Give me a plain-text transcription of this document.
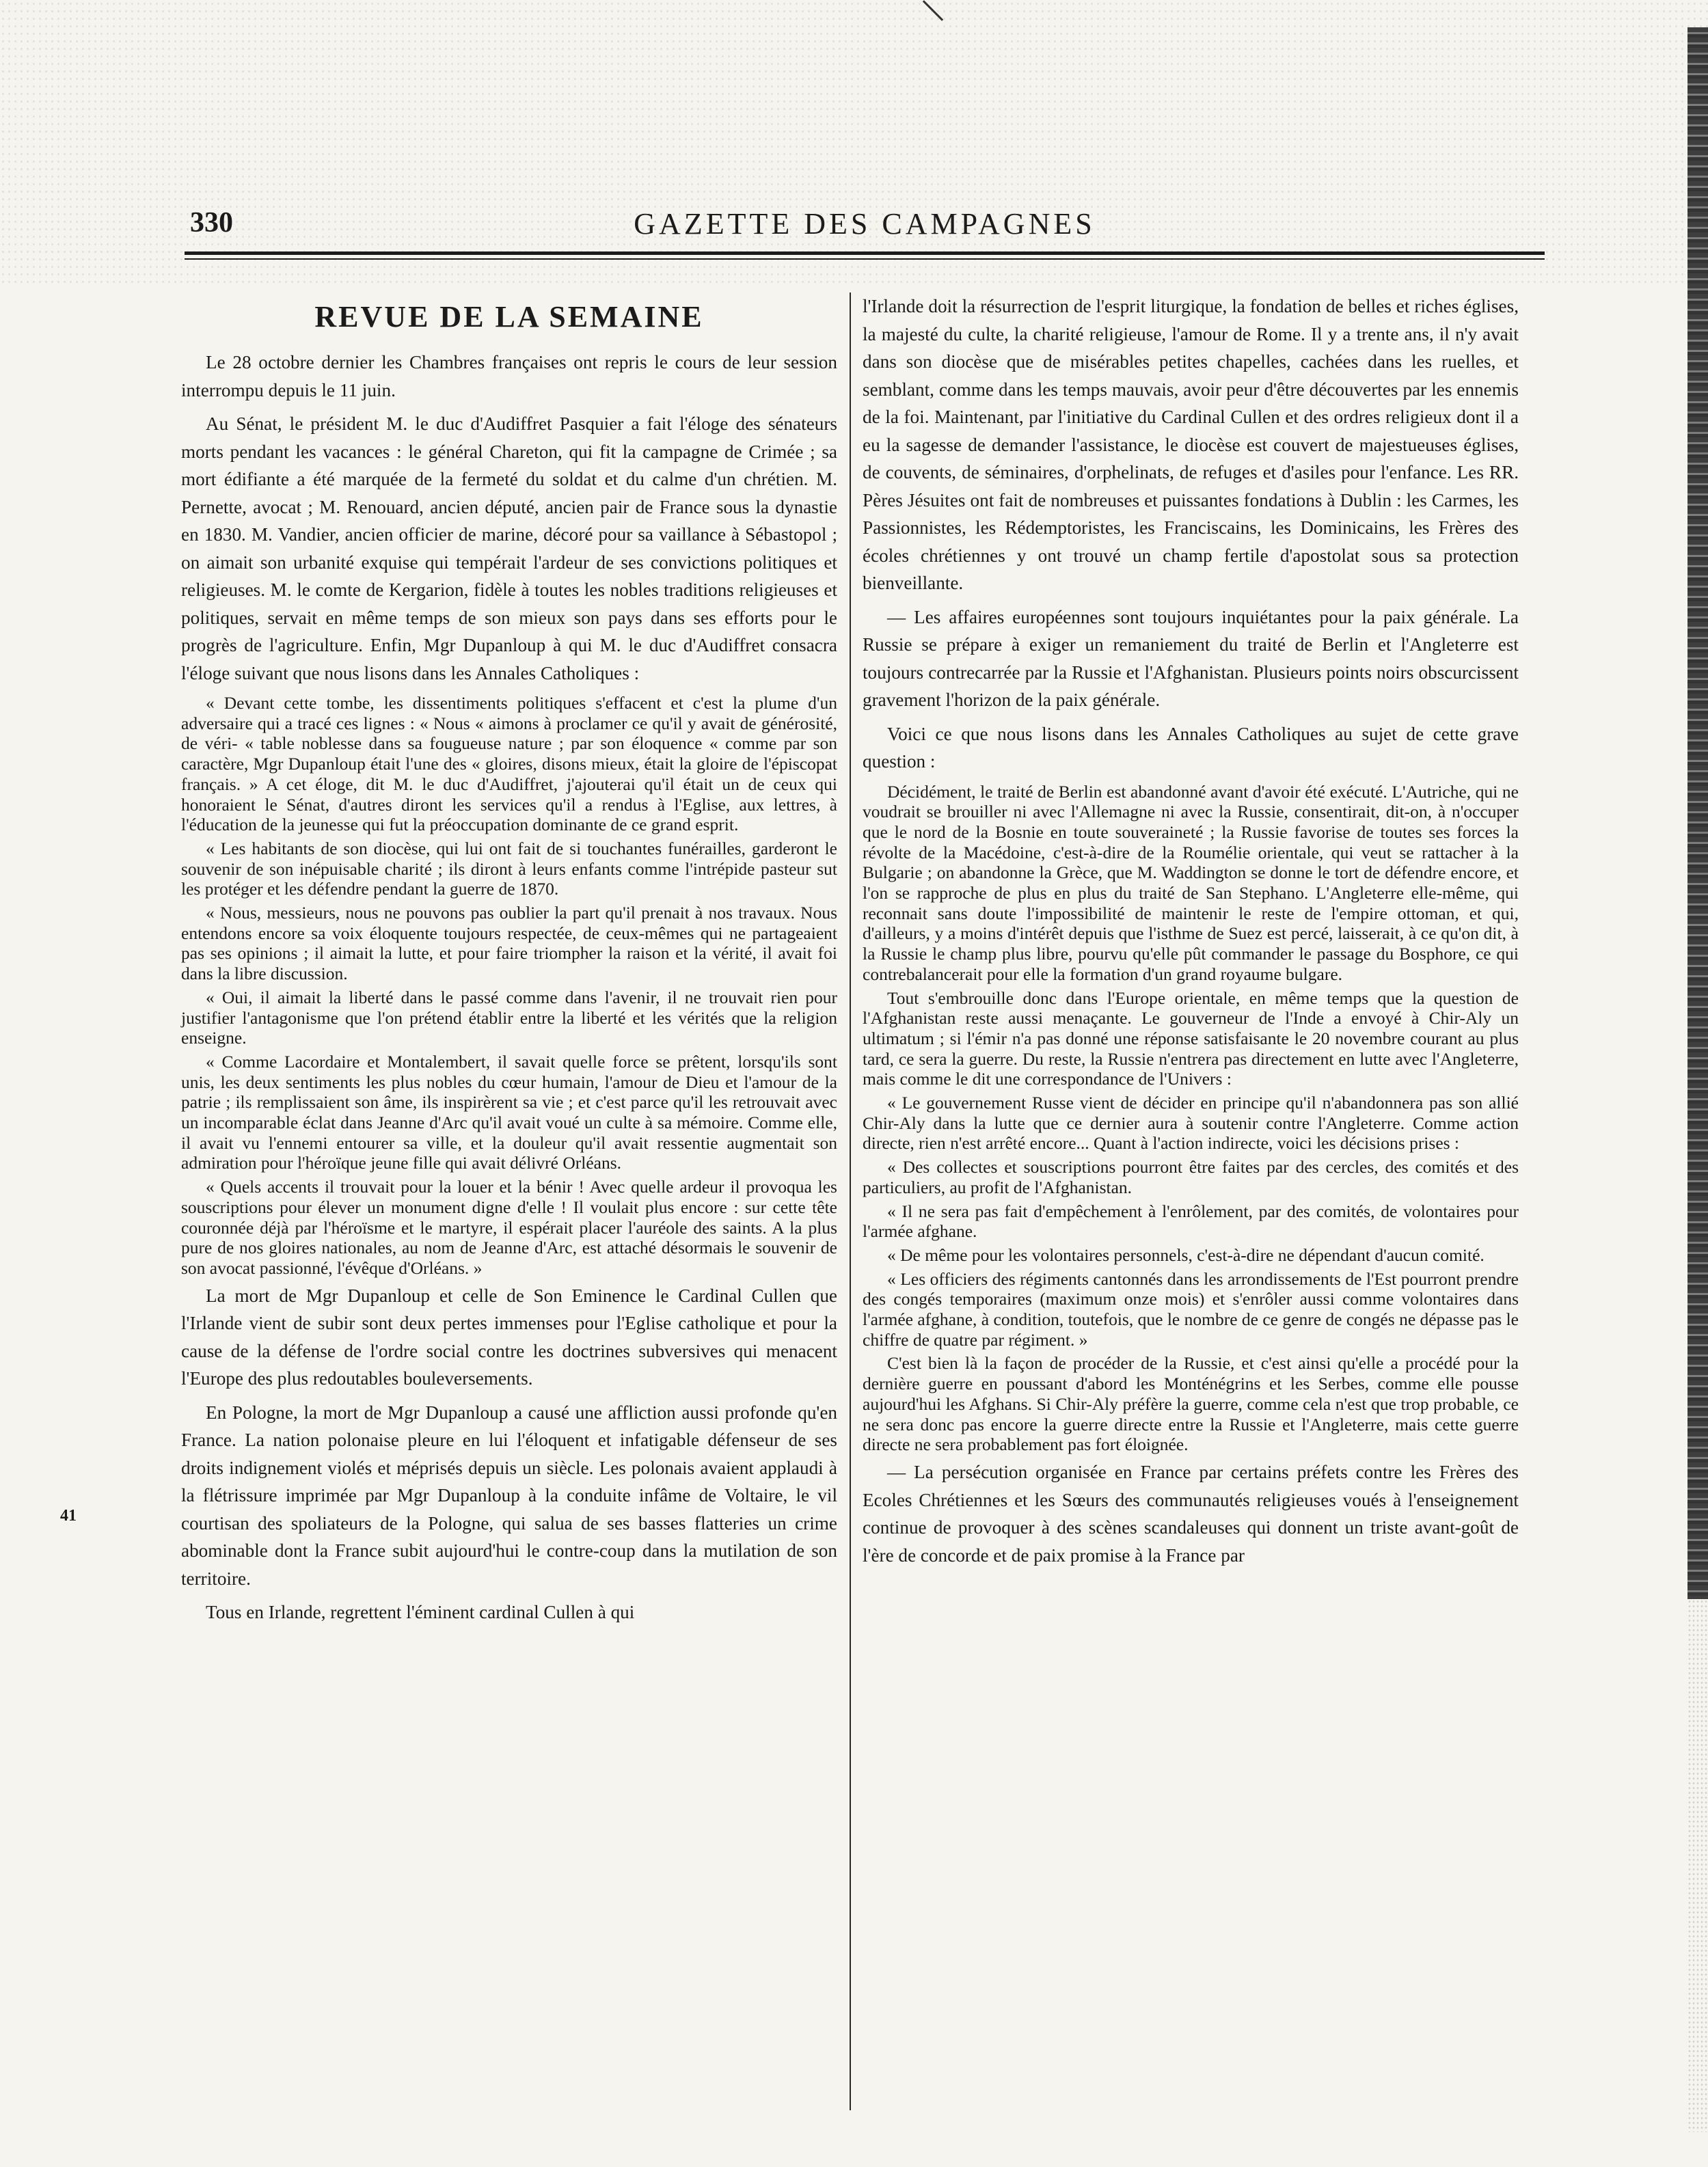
330	GAZETTE DES CAMPAGNES
REVUE DE LA SEMAINE

Le 28 octobre dernier les Chambres françaises ont repris le cours de leur session interrompu depuis le 11 juin.

Au Sénat, le président M. le duc d'Audiffret Pasquier a fait l'éloge des sénateurs morts pendant les vacances : le général Chareton, qui fit la campagne de Crimée ; sa mort édifiante a été marquée de la fermeté du soldat et du calme d'un chrétien. M. Pernette, avocat ; M. Renouard, ancien député, ancien pair de France sous la dynastie en 1830. M. Vandier, ancien officier de marine, décoré pour sa vaillance à Sébastopol ; on aimait son urbanité exquise qui tempérait l'ardeur de ses convictions politiques et religieuses. M. le comte de Kergarion, fidèle à toutes les nobles traditions religieuses et politiques, servait en même temps de son mieux son pays dans ses efforts pour le progrès de l'agriculture. Enfin, Mgr Dupanloup à qui M. le duc d'Audiffret consacra l'éloge suivant que nous lisons dans les Annales Catholiques :

« Devant cette tombe, les dissentiments politiques s'effacent et c'est la plume d'un adversaire qui a tracé ces lignes : « Nous « aimons à proclamer ce qu'il y avait de générosité, de véri- « table noblesse dans sa fougueuse nature ; par son éloquence « comme par son caractère, Mgr Dupanloup était l'une des « gloires, disons mieux, était la gloire de l'épiscopat français. » A cet éloge, dit M. le duc d'Audiffret, j'ajouterai qu'il était un de ceux qui honoraient le Sénat, d'autres diront les services qu'il a rendus à l'Eglise, aux lettres, à l'éducation de la jeunesse qui fut la préoccupation dominante de ce grand esprit.

« Les habitants de son diocèse, qui lui ont fait de si touchantes funérailles, garderont le souvenir de son inépuisable charité ; ils diront à leurs enfants comme l'intrépide pasteur sut les protéger et les défendre pendant la guerre de 1870.

« Nous, messieurs, nous ne pouvons pas oublier la part qu'il prenait à nos travaux. Nous entendons encore sa voix éloquente toujours respectée, de ceux-mêmes qui ne partageaient pas ses opinions ; il aimait la lutte, et pour faire triompher la raison et la vérité, il avait foi dans la libre discussion.

« Oui, il aimait la liberté dans le passé comme dans l'avenir, il ne trouvait rien pour justifier l'antagonisme que l'on prétend établir entre la liberté et les vérités que la religion enseigne.

« Comme Lacordaire et Montalembert, il savait quelle force se prêtent, lorsqu'ils sont unis, les deux sentiments les plus nobles du cœur humain, l'amour de Dieu et l'amour de la patrie ; ils remplissaient son âme, ils inspirèrent sa vie ; et c'est parce qu'il les retrouvait avec un incomparable éclat dans Jeanne d'Arc qu'il avait voué un culte à sa mémoire. Comme elle, il avait vu l'ennemi entourer sa ville, et la douleur qu'il avait ressentie augmentait son admiration pour l'héroïque jeune fille qui avait délivré Orléans.

« Quels accents il trouvait pour la louer et la bénir ! Avec quelle ardeur il provoqua les souscriptions pour élever un monument digne d'elle ! Il voulait plus encore : sur cette tête couronnée déjà par l'héroïsme et le martyre, il espérait placer l'auréole des saints. A la plus pure de nos gloires nationales, au nom de Jeanne d'Arc, est attaché désormais le souvenir de son avocat passionné, l'évêque d'Orléans. »

La mort de Mgr Dupanloup et celle de Son Eminence le Cardinal Cullen que l'Irlande vient de subir sont deux pertes immenses pour l'Eglise catholique et pour la cause de la défense de l'ordre social contre les doctrines subversives qui menacent l'Europe des plus redoutables bouleversements.

En Pologne, la mort de Mgr Dupanloup a causé une affliction aussi profonde qu'en France. La nation polonaise pleure en lui l'éloquent et infatigable défenseur de ses droits indignement violés et méprisés depuis un siècle. Les polonais avaient applaudi à la flétrissure imprimée par Mgr Dupanloup à la conduite infâme de Voltaire, le vil courtisan des spoliateurs de la Pologne, qui salua de ses basses flatteries un crime abominable dont la France subit aujourd'hui le contre-coup dans la mutilation de son territoire.

Tous en Irlande, regrettent l'éminent cardinal Cullen à qui

l'Irlande doit la résurrection de l'esprit liturgique, la fondation de belles et riches églises, la majesté du culte, la charité religieuse, l'amour de Rome. Il y a trente ans, il n'y avait dans son diocèse que de misérables petites chapelles, cachées dans les ruelles, et semblant, comme dans les temps mauvais, avoir peur d'être découvertes par les ennemis de la foi. Maintenant, par l'initiative du Cardinal Cullen et des ordres religieux dont il a eu la sagesse de demander l'assistance, le diocèse est couvert de majestueuses églises, de couvents, de séminaires, d'orphelinats, de refuges et d'asiles pour l'enfance. Les RR. Pères Jésuites ont fait de nombreuses et puissantes fondations à Dublin : les Carmes, les Passionnistes, les Rédemptoristes, les Franciscains, les Dominicains, les Frères des écoles chrétiennes y ont trouvé un champ fertile d'apostolat sous sa protection bienveillante.

— Les affaires européennes sont toujours inquiétantes pour la paix générale. La Russie se prépare à exiger un remaniement du traité de Berlin et l'Angleterre est toujours contrecarrée par la Russie et l'Afghanistan. Plusieurs points noirs obscurcissent gravement l'horizon de la paix générale.

Voici ce que nous lisons dans les Annales Catholiques au sujet de cette grave question :

Décidément, le traité de Berlin est abandonné avant d'avoir été exécuté. L'Autriche, qui ne voudrait se brouiller ni avec l'Allemagne ni avec la Russie, consentirait, dit-on, à n'occuper que le nord de la Bosnie en toute souveraineté ; la Russie favorise de toutes ses forces la révolte de la Macédoine, c'est-à-dire de la Roumélie orientale, qui veut se rattacher à la Bulgarie ; on abandonne la Grèce, que M. Waddington se donne le tort de défendre encore, et l'on se rapproche de plus en plus du traité de San Stephano. L'Angleterre elle-même, qui reconnait sans doute l'impossibilité de maintenir le reste de l'empire ottoman, et qui, d'ailleurs, y a moins d'intérêt depuis que l'isthme de Suez est percé, laisserait, à ce qu'on dit, à la Russie le champ plus libre, pourvu qu'elle pût commander le passage du Bosphore, ce qui contrebalancerait pour elle la formation d'un grand royaume bulgare.

Tout s'embrouille donc dans l'Europe orientale, en même temps que la question de l'Afghanistan reste aussi menaçante. Le gouverneur de l'Inde a envoyé à Chir-Aly un ultimatum ; si l'émir n'a pas donné une réponse satisfaisante le 20 novembre courant au plus tard, ce sera la guerre. Du reste, la Russie n'entrera pas directement en lutte avec l'Angleterre, mais comme le dit une correspondance de l'Univers :

« Le gouvernement Russe vient de décider en principe qu'il n'abandonnera pas son allié Chir-Aly dans la lutte que ce dernier aura à soutenir contre l'Angleterre. Comme action directe, rien n'est arrêté encore... Quant à l'action indirecte, voici les décisions prises :

« Des collectes et souscriptions pourront être faites par des cercles, des comités et des particuliers, au profit de l'Afghanistan.

« Il ne sera pas fait d'empêchement à l'enrôlement, par des comités, de volontaires pour l'armée afghane.

« De même pour les volontaires personnels, c'est-à-dire ne dépendant d'aucun comité.

« Les officiers des régiments cantonnés dans les arrondissements de l'Est pourront prendre des congés temporaires (maximum onze mois) et s'enrôler aussi comme volontaires dans l'armée afghane, à condition, toutefois, que le nombre de ce genre de congés ne dépasse pas le chiffre de quatre par régiment. »

C'est bien là la façon de procéder de la Russie, et c'est ainsi qu'elle a procédé pour la dernière guerre en poussant d'abord les Monténégrins et les Serbes, comme elle pousse aujourd'hui les Afghans. Si Chir-Aly préfère la guerre, comme cela n'est que trop probable, ce ne sera donc pas encore la guerre directe entre la Russie et l'Angleterre, mais cette guerre directe ne sera probablement pas fort éloignée.

— La persécution organisée en France par certains préfets contre les Frères des Ecoles Chrétiennes et les Sœurs des communautés religieuses voués à l'enseignement continue de provoquer à des scènes scandaleuses qui donnent un triste avant-goût de l'ère de concorde et de paix promise à la France par

41
